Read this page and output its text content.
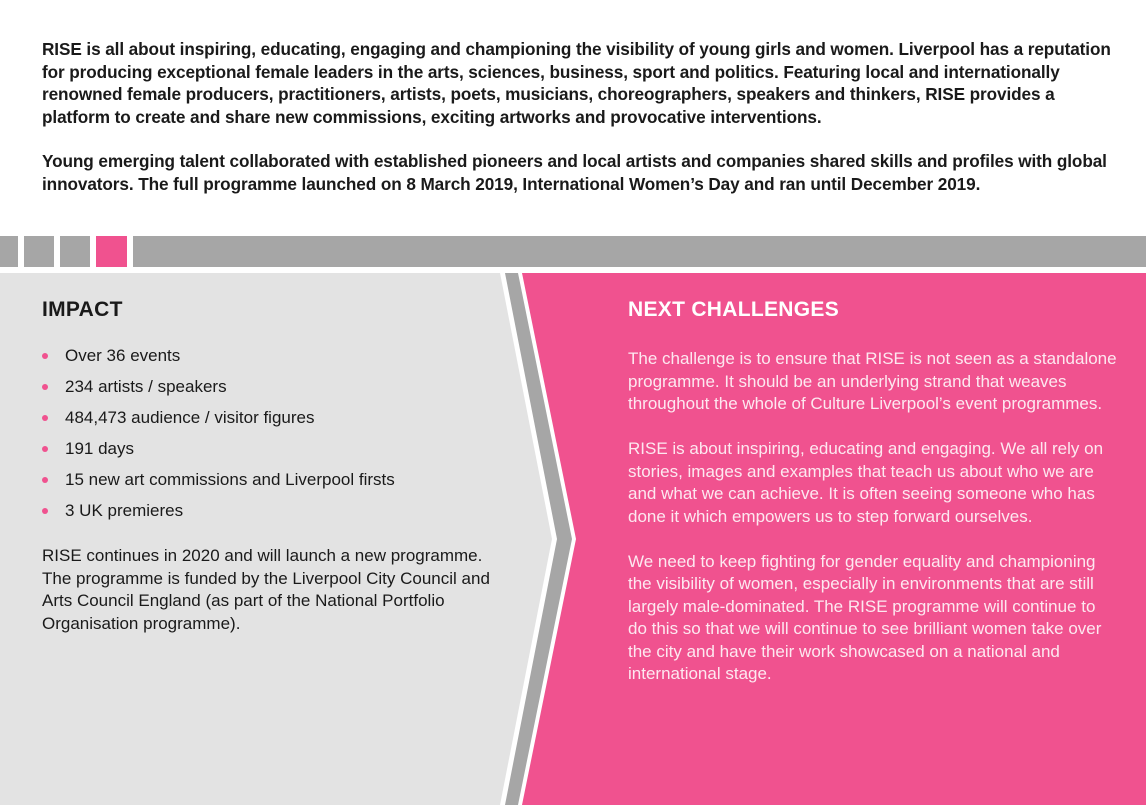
RISE is all about inspiring, educating, engaging and championing the visibility of young girls and women. Liverpool has a reputation for producing exceptional female leaders in the arts, sciences, business, sport and politics. Featuring local and internationally renowned female producers, practitioners, artists, poets, musicians, choreographers, speakers and thinkers, RISE provides a platform to create and share new commissions, exciting artworks and provocative interventions.

Young emerging talent collaborated with established pioneers and local artists and companies shared skills and profiles with global innovators. The full programme launched on 8 March 2019, International Women’s Day and ran until December 2019.

IMPACT
Over 36 events
234 artists / speakers
484,473 audience / visitor figures
191 days
15 new art commissions and Liverpool firsts
3 UK premieres

RISE continues in 2020 and will launch a new programme. The programme is funded by the Liverpool City Council and Arts Council England (as part of the National Portfolio Organisation programme).

NEXT CHALLENGES

The challenge is to ensure that RISE is not seen as a standalone programme. It should be an underlying strand that weaves throughout the whole of Culture Liverpool’s event programmes.

RISE is about inspiring, educating and engaging. We all rely on stories, images and examples that teach us about who we are and what we can achieve. It is often seeing someone who has done it which empowers us to step forward ourselves.

We need to keep fighting for gender equality and championing the visibility of women, especially in environments that are still largely male-dominated. The RISE programme will continue to do this so that we will continue to see brilliant women take over the city and have their work showcased on a national and international stage.
